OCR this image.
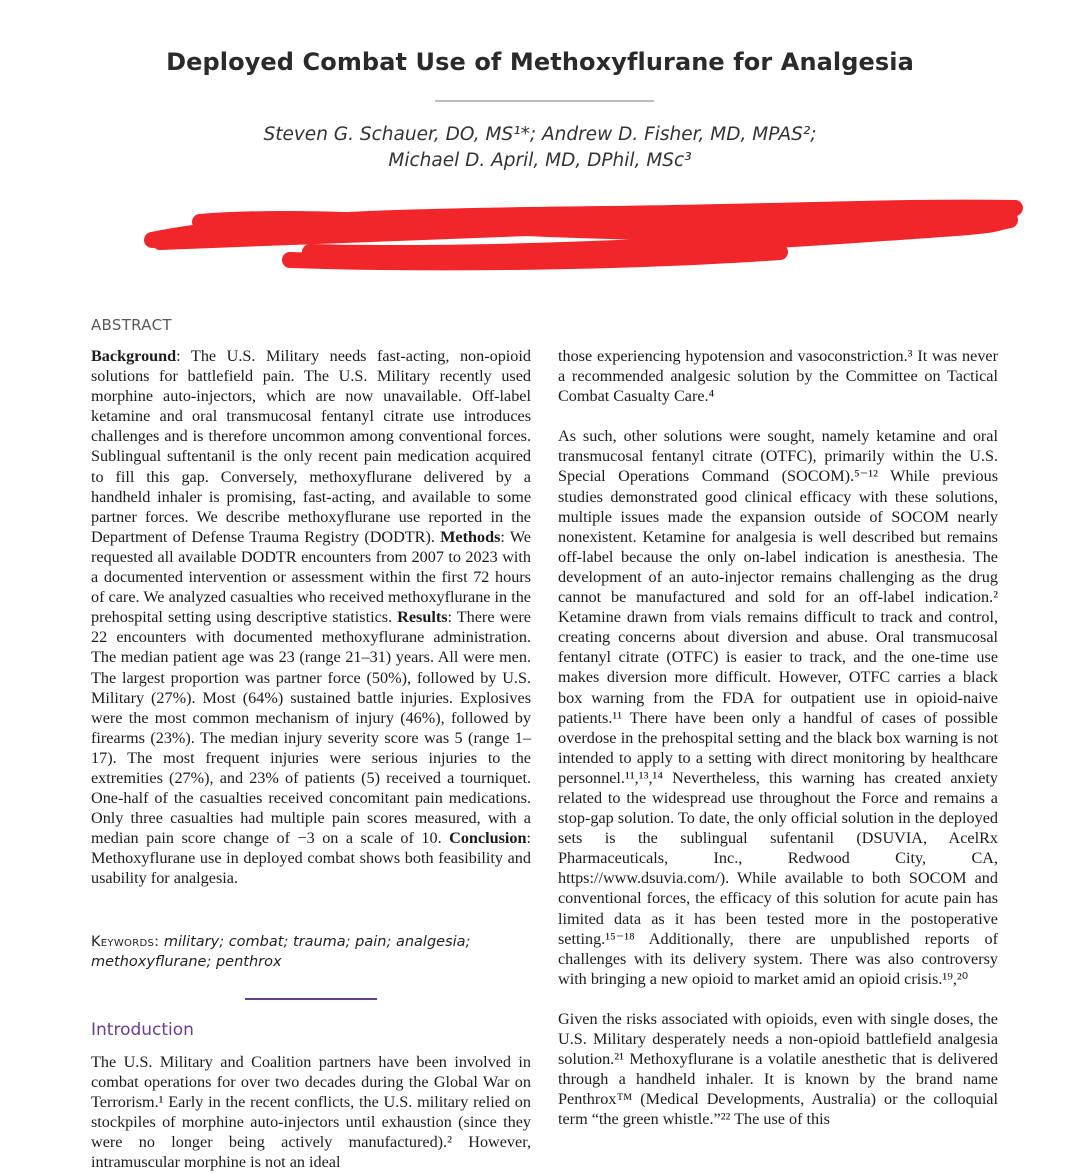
Deployed Combat Use of Methoxyflurane for Analgesia
Steven G. Schauer, DO, MS¹*; Andrew D. Fisher, MD, MPAS²;
Michael D. April, MD, DPhil, MSc³
ABSTRACT

Background: The U.S. Military needs fast-acting, non-opioid solutions for battlefield pain. The U.S. Military recently used morphine auto-injectors, which are now unavailable. Off-label ketamine and oral transmucosal fentanyl citrate use introduces challenges and is therefore uncommon among conventional forces. Sublingual suftentanil is the only recent pain medication acquired to fill this gap. Conversely, methoxyflurane delivered by a handheld inhaler is promising, fast-acting, and available to some partner forces. We describe methoxyflurane use reported in the Department of Defense Trauma Registry (DODTR). Methods: We requested all available DODTR encounters from 2007 to 2023 with a documented intervention or assessment within the first 72 hours of care. We analyzed casualties who received methoxyflurane in the prehospital setting using descriptive statistics. Results: There were 22 encounters with documented methoxyflurane administration. The median patient age was 23 (range 21–31) years. All were men. The largest proportion was partner force (50%), followed by U.S. Military (27%). Most (64%) sustained battle injuries. Explosives were the most common mechanism of injury (46%), followed by firearms (23%). The median injury severity score was 5 (range 1–17). The most frequent injuries were serious injuries to the extremities (27%), and 23% of patients (5) received a tourniquet. One-half of the casualties received concomitant pain medications. Only three casualties had multiple pain scores measured, with a median pain score change of −3 on a scale of 10. Conclusion: Methoxyflurane use in deployed combat shows both feasibility and usability for analgesia.

Keywords: military; combat; trauma; pain; analgesia; methoxyflurane; penthrox
Introduction

The U.S. Military and Coalition partners have been involved in combat operations for over two decades during the Global War on Terrorism.¹ Early in the recent conflicts, the U.S. military relied on stockpiles of morphine auto-injectors until exhaustion (since they were no longer being actively manufactured).² However, intramuscular morphine is not an ideal

those experiencing hypotension and vasoconstriction.³ It was never a recommended analgesic solution by the Committee on Tactical Combat Casualty Care.⁴

As such, other solutions were sought, namely ketamine and oral transmucosal fentanyl citrate (OTFC), primarily within the U.S. Special Operations Command (SOCOM).⁵⁻¹² While previous studies demonstrated good clinical efficacy with these solutions, multiple issues made the expansion outside of SOCOM nearly nonexistent. Ketamine for analgesia is well described but remains off-label because the only on-label indication is anesthesia. The development of an auto-injector remains challenging as the drug cannot be manufactured and sold for an off-label indication.² Ketamine drawn from vials remains difficult to track and control, creating concerns about diversion and abuse. Oral transmucosal fentanyl citrate (OTFC) is easier to track, and the one-time use makes diversion more difficult. However, OTFC carries a black box warning from the FDA for outpatient use in opioid-naive patients.¹¹ There have been only a handful of cases of possible overdose in the prehospital setting and the black box warning is not intended to apply to a setting with direct monitoring by healthcare personnel.¹¹,¹³,¹⁴ Nevertheless, this warning has created anxiety related to the widespread use throughout the Force and remains a stop-gap solution. To date, the only official solution in the deployed sets is the sublingual sufentanil (DSUVIA, AcelRx Pharmaceuticals, Inc., Redwood City, CA, https://www.dsuvia.com/). While available to both SOCOM and conventional forces, the efficacy of this solution for acute pain has limited data as it has been tested more in the postoperative setting.¹⁵⁻¹⁸ Additionally, there are unpublished reports of challenges with its delivery system. There was also controversy with bringing a new opioid to market amid an opioid crisis.¹⁹,²⁰

Given the risks associated with opioids, even with single doses, the U.S. Military desperately needs a non-opioid battlefield analgesia solution.²¹ Methoxyflurane is a volatile anesthetic that is delivered through a handheld inhaler. It is known by the brand name Penthrox™ (Medical Developments, Australia) or the colloquial term “the green whistle.”²² The use of this
